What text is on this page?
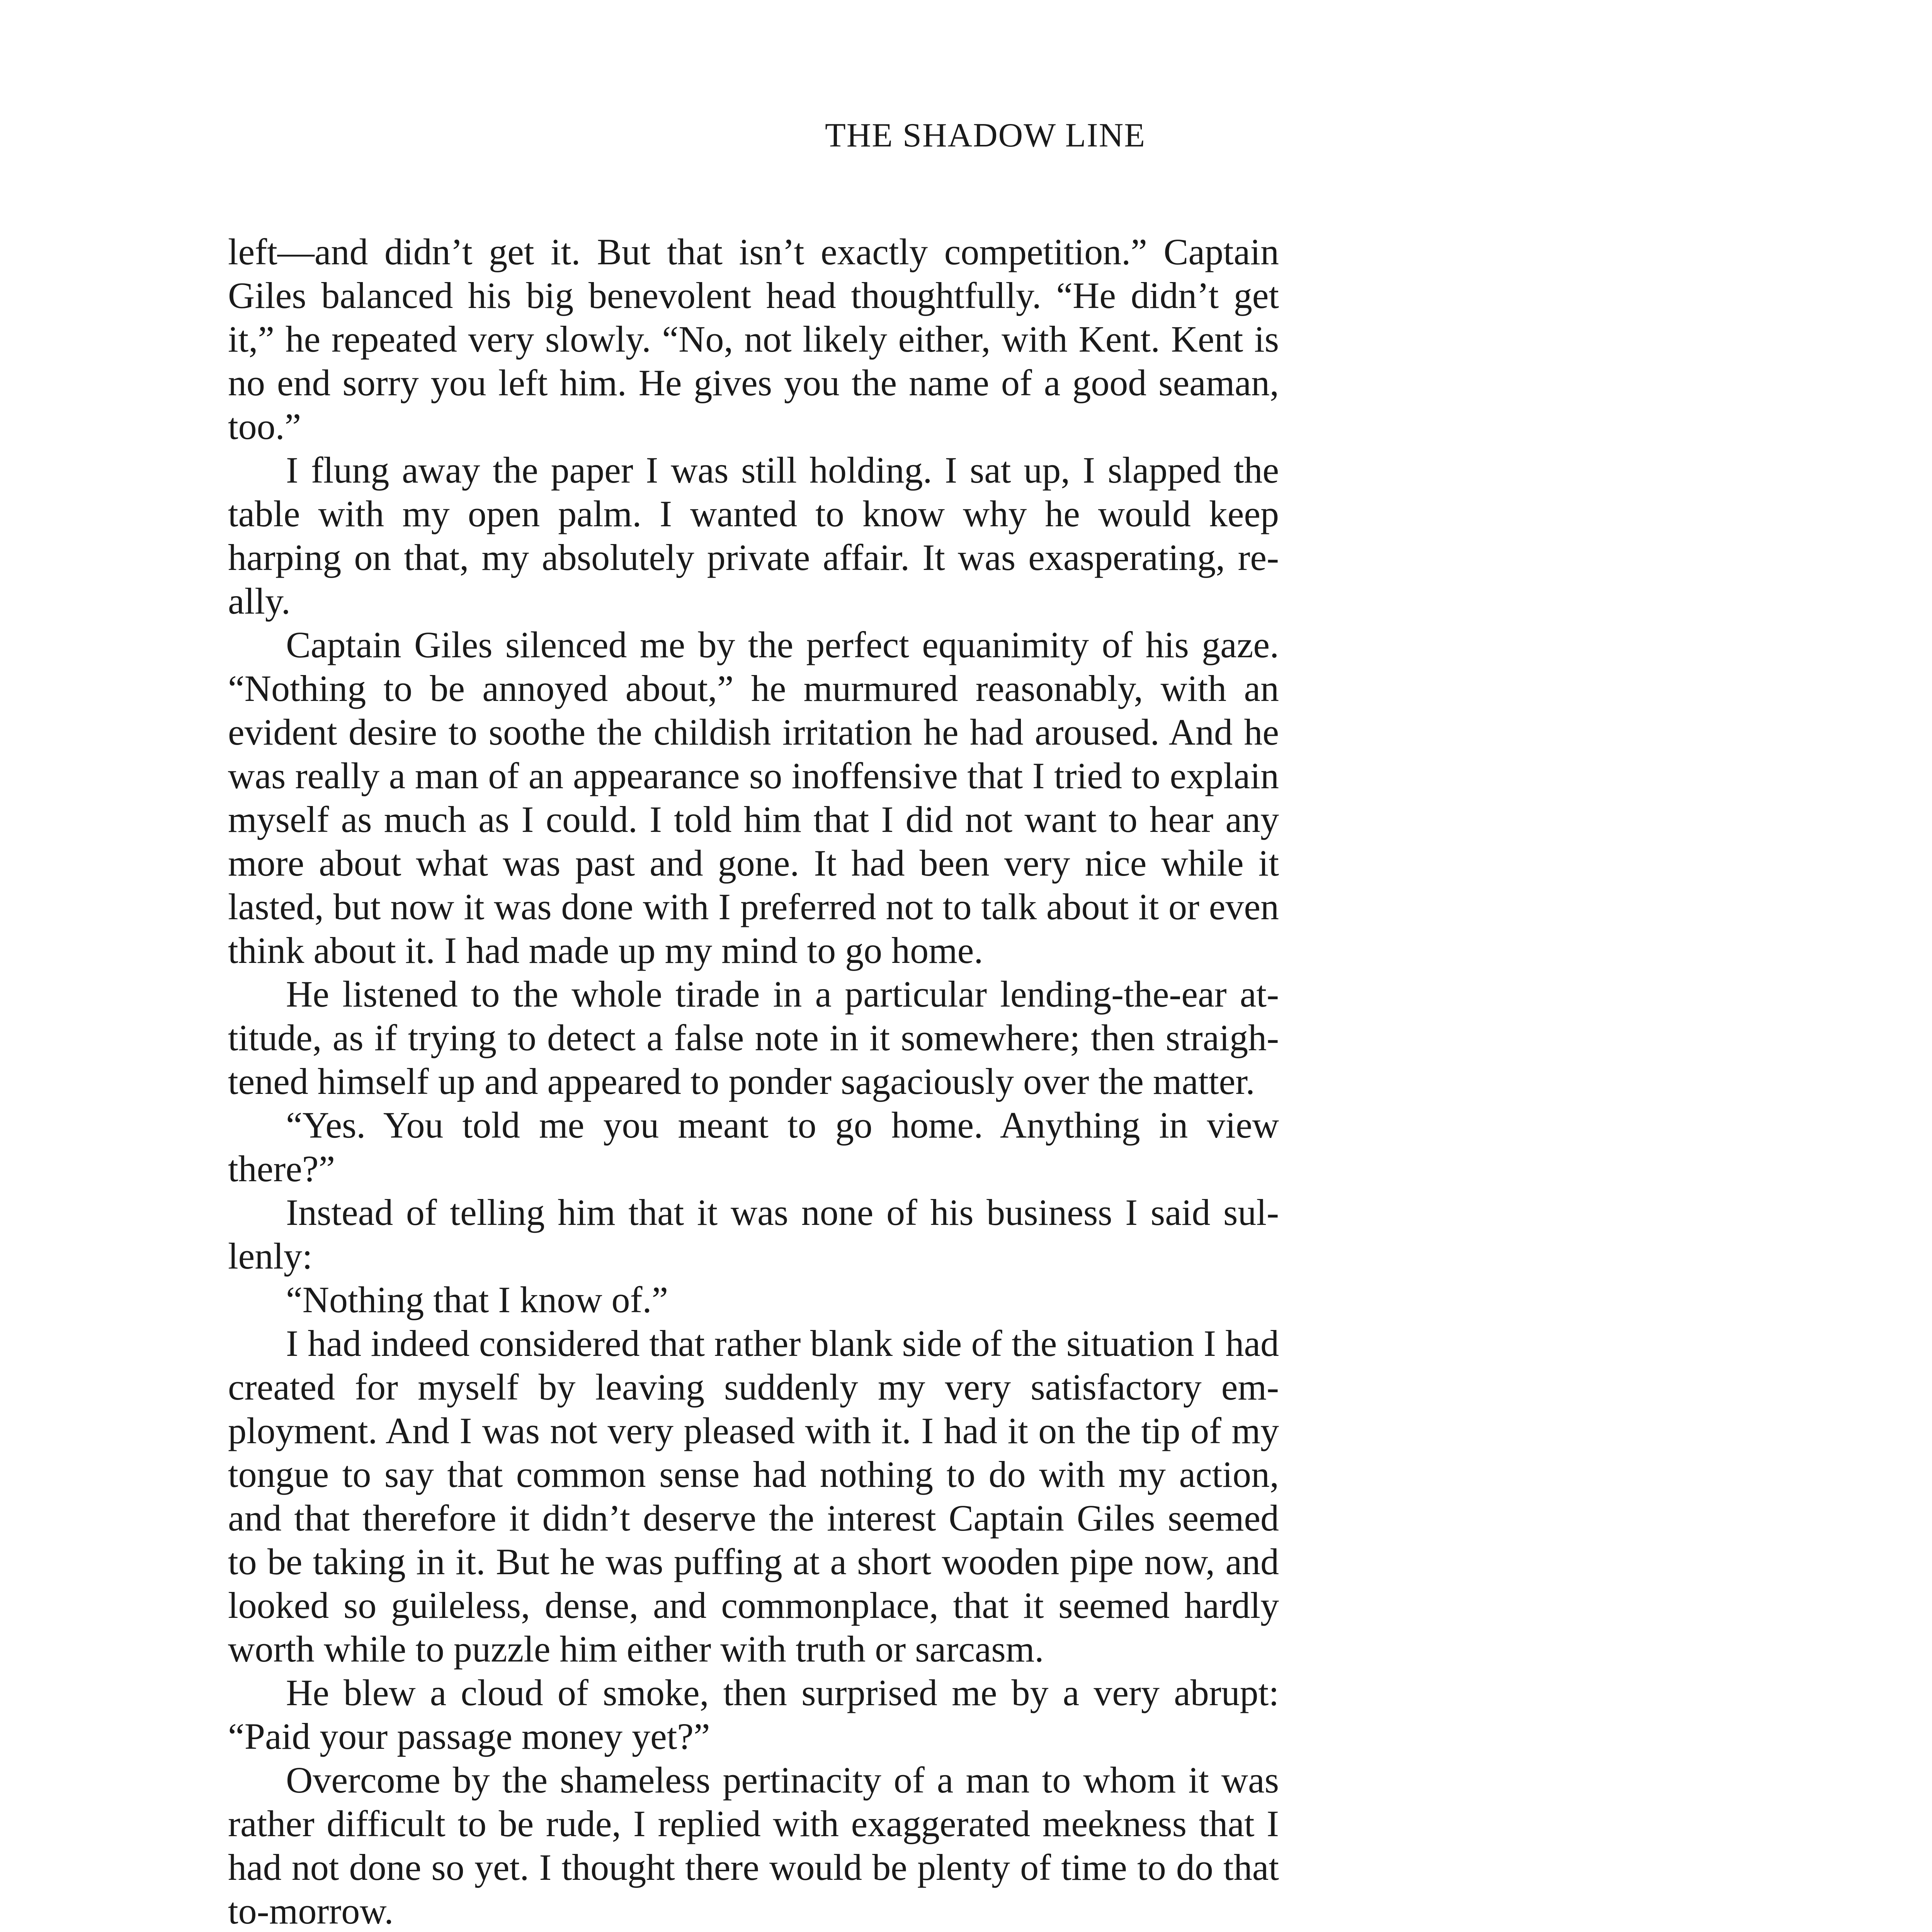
THE SHADOW LINE

left—and didn’t get it. But that isn’t exactly competition.” Captain Giles balanced his big benevolent head thoughtfully. “He didn’t get it,” he repeated very slowly. “No, not likely either, with Kent. Kent is no end sorry you left him. He gives you the name of a good seaman, too.”

I flung away the paper I was still holding. I sat up, I slapped the table with my open palm. I wanted to know why he would keep harping on that, my absolutely private affair. It was exasperating, really.

Captain Giles silenced me by the perfect equanimity of his gaze. “Nothing to be annoyed about,” he murmured reasonably, with an evident desire to soothe the childish irritation he had aroused. And he was really a man of an appearance so inoffensive that I tried to explain myself as much as I could. I told him that I did not want to hear any more about what was past and gone. It had been very nice while it lasted, but now it was done with I preferred not to talk about it or even think about it. I had made up my mind to go home.

He listened to the whole tirade in a particular lending-the-ear attitude, as if trying to detect a false note in it somewhere; then straightened himself up and appeared to ponder sagaciously over the matter.

“Yes. You told me you meant to go home. Anything in view there?”

Instead of telling him that it was none of his business I said sullenly:

“Nothing that I know of.”

I had indeed considered that rather blank side of the situation I had created for myself by leaving suddenly my very satisfactory employment. And I was not very pleased with it. I had it on the tip of my tongue to say that common sense had nothing to do with my action, and that therefore it didn’t deserve the interest Captain Giles seemed to be taking in it. But he was puffing at a short wooden pipe now, and looked so guileless, dense, and commonplace, that it seemed hardly worth while to puzzle him either with truth or sarcasm.

He blew a cloud of smoke, then surprised me by a very abrupt: “Paid your passage money yet?”

Overcome by the shameless pertinacity of a man to whom it was rather difficult to be rude, I replied with exaggerated meekness that I had not done so yet. I thought there would be plenty of time to do that to-morrow.
